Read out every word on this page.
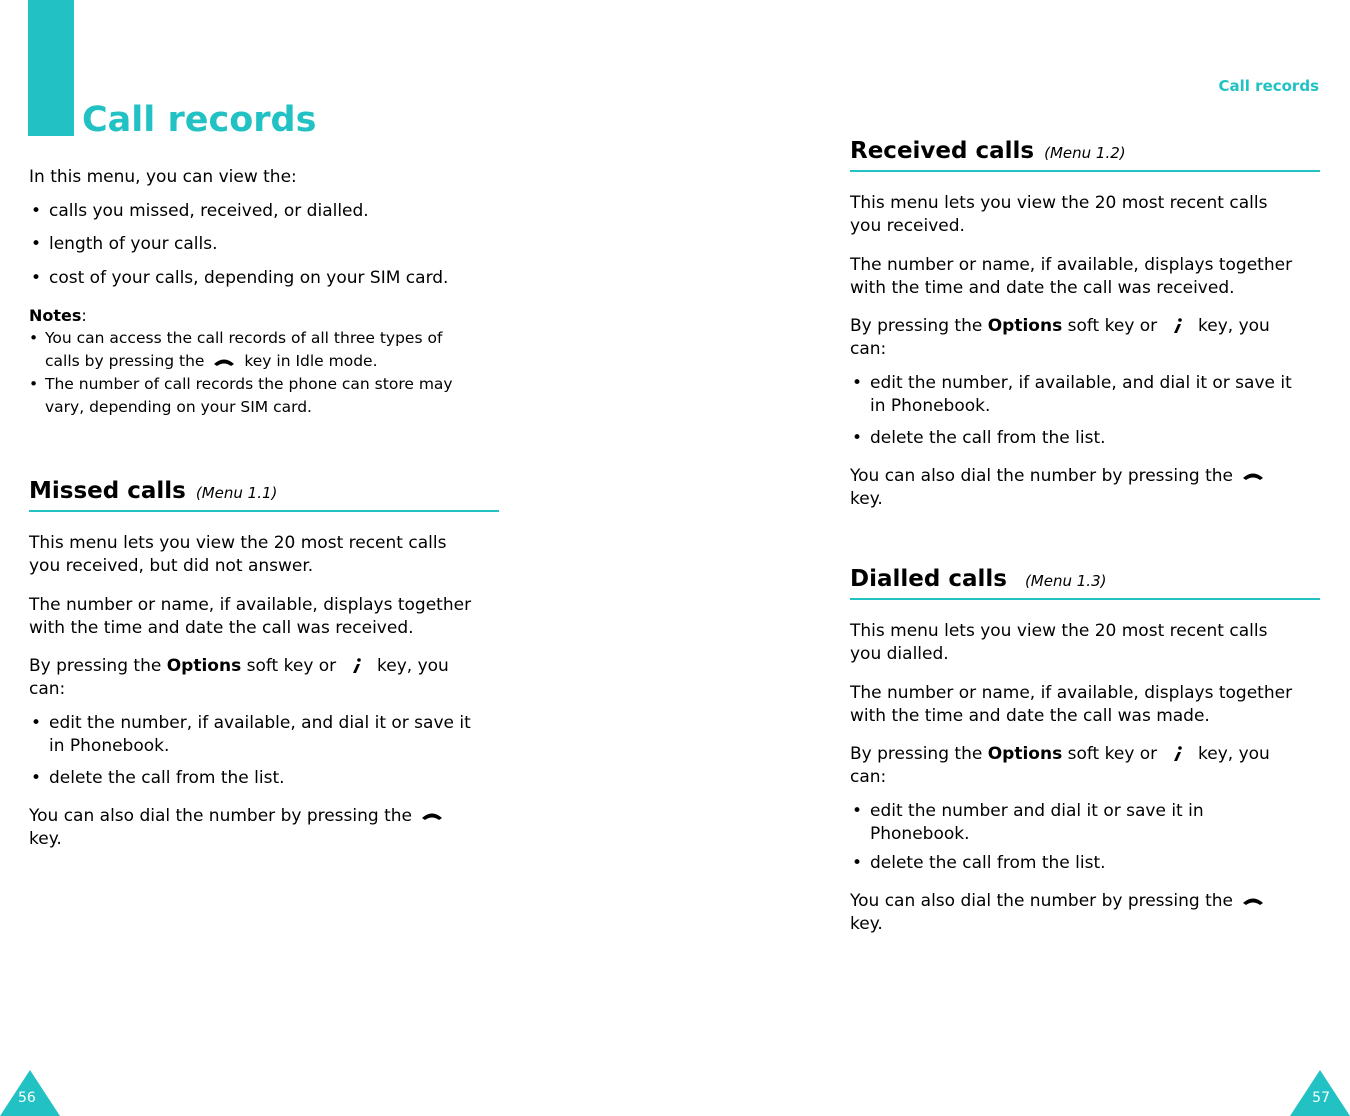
Call records

In this menu, you can view the:

• calls you missed, received, or dialled.

• length of your calls.

• cost of your calls, depending on your SIM card.

Notes:

• You can access the call records of all three types of
calls by pressing the	key in Idle mode.

• The number of call records the phone can store may
vary, depending on your SIM card.

Missed calls (Menu 1.1)

This menu lets you view the 20 most recent calls
you received, but did not answer.

The number or name, if available, displays together
with the time and date the call was received.

By pressing the Options soft key or key, you
can:

• edit the number, if available, and dial it or save it
in Phonebook.

• delete the call from the list.

You can also dial the number by pressing the

key.

Call records
Received calls (Menu 1.2)

This menu lets you view the 20 most recent calls
you received.

The number or name, if available, displays together
with the time and date the call was received.

By pressing the Options soft key or key, you
can:

• edit the number, if available, and dial it or save it
in Phonebook.

• delete the call from the list.

You can also dial the number by pressing the

key.

Dialled calls (Menu 1.3)

This menu lets you view the 20 most recent calls
you dialled.

The number or name, if available, displays together
with the time and date the call was made.

By pressing the Options soft key or key, you
can:

• edit the number and dial it or save it in
Phonebook.

• delete the call from the list.

You can also dial the number by pressing the

key.

56	57
